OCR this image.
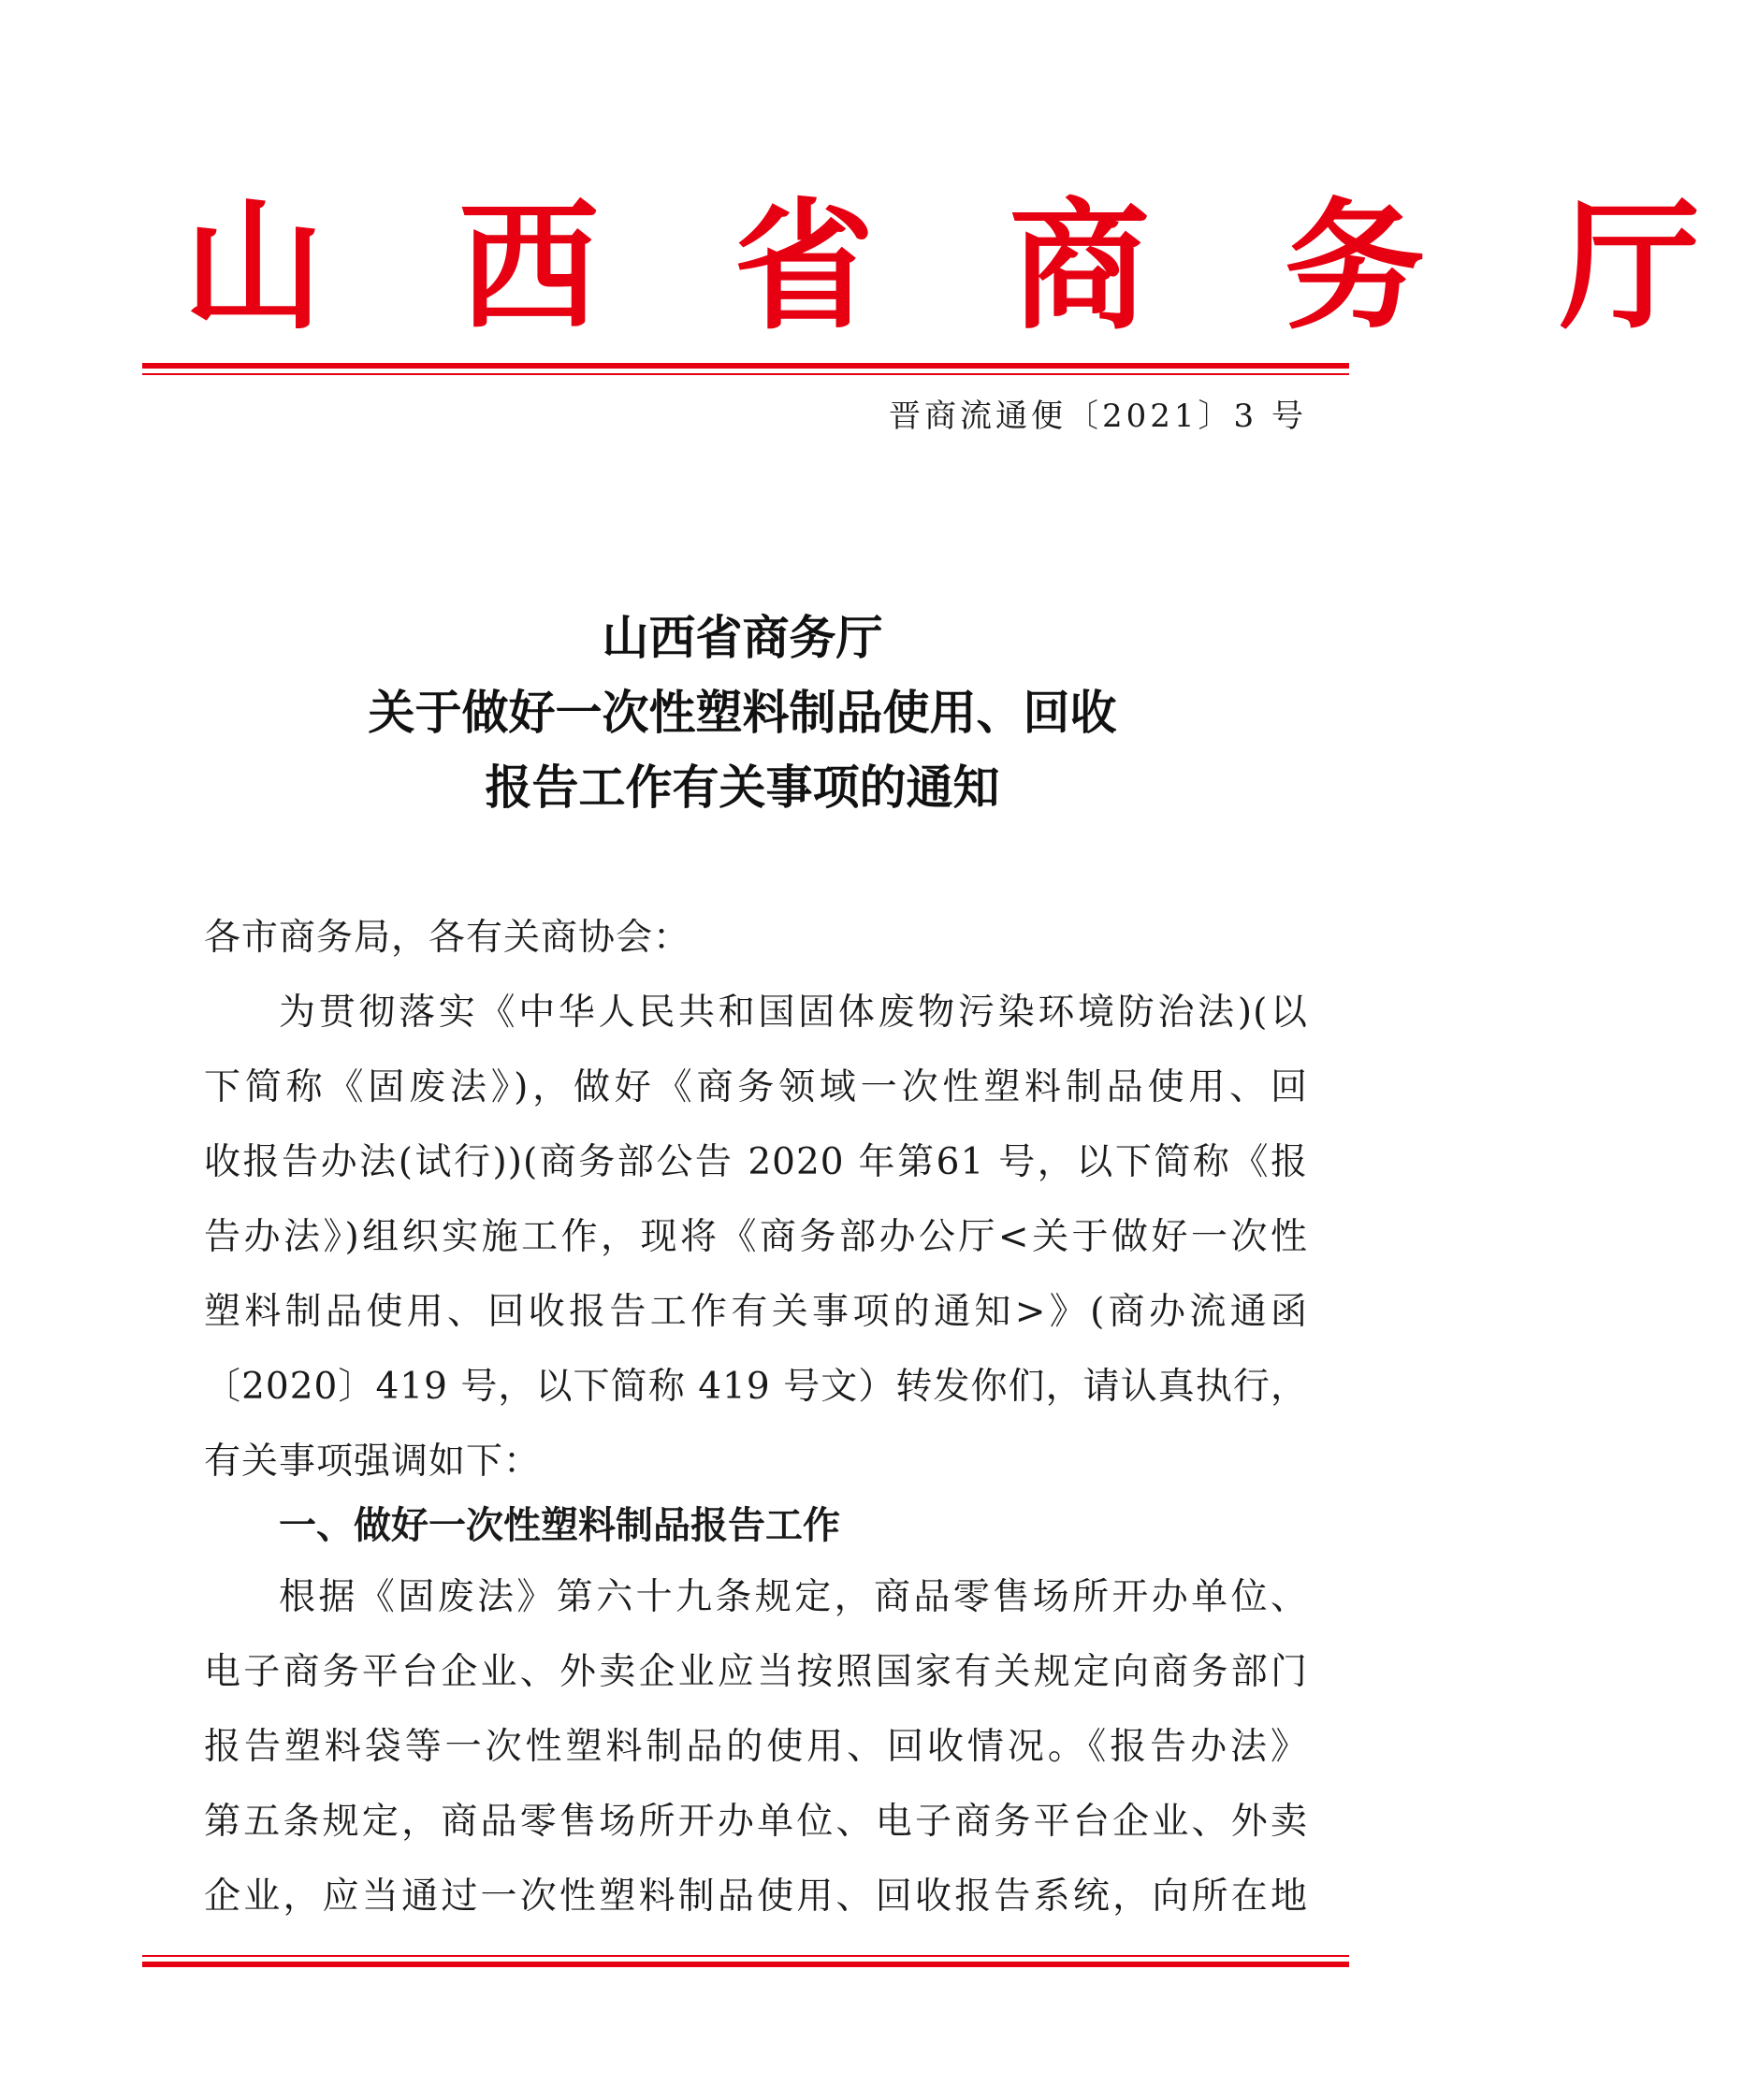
山 西 省 商 务 厅
晋商流通便〔2021〕3 号
山西省商务厅
关于做好一次性塑料制品使用、回收
报告工作有关事项的通知
各市商务局，各有关商协会：
为贯彻落实《中华人民共和国固体废物污染环境防治法)(以
下简称《固废法》)，做好《商务领域一次性塑料制品使用、回
收报告办法(试行))(商务部公告 2020 年第61 号，以下简称《报
告办法》)组织实施工作，现将《商务部办公厅<关于做好一次性
塑料制品使用、回收报告工作有关事项的通知>》(商办流通函
〔2020〕419 号，以下简称 419 号文）转发你们，请认真执行，
有关事项强调如下：
一、做好一次性塑料制品报告工作
根据《固废法》第六十九条规定，商品零售场所开办单位、
电子商务平台企业、外卖企业应当按照国家有关规定向商务部门
报告塑料袋等一次性塑料制品的使用、回收情况。《报告办法》
第五条规定，商品零售场所开办单位、电子商务平台企业、外卖
企业，应当通过一次性塑料制品使用、回收报告系统，向所在地
